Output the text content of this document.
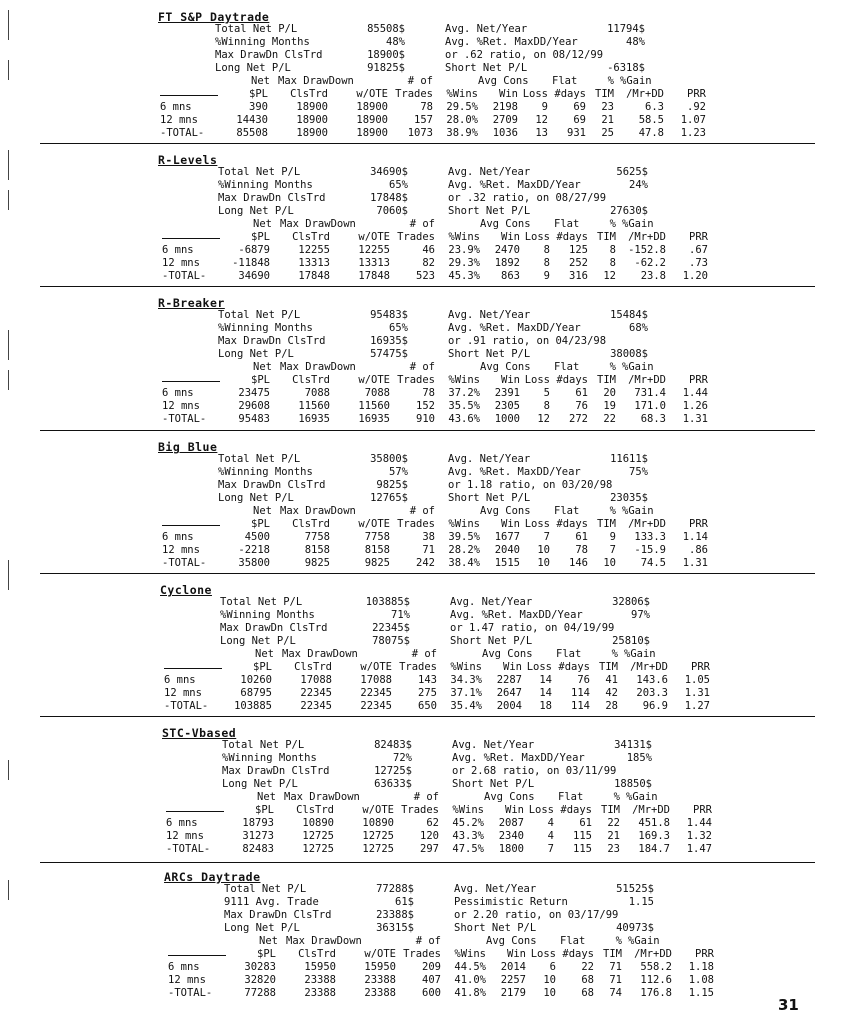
FT S&P Daytrade
Total Net P/L	85508$	Avg. Net/Year	11794$
%Winning Months	48%	Avg. %Ret. MaxDD/Year	48%
Max DrawDn ClsTrd	18900$	or .62 ratio, on 08/12/99
Long Net P/L	91825$	Short Net P/L	-6318$
Net Max DrawDown	# of	Avg Cons	Flat	% %Gain
$PL	ClsTrd	w/OTE Trades	%Wins	Win Loss #days TIM	/Mr+DD	PRR
6 mns	390	18900	18900	78	29.5%	2198	9	69	23	6.3	.92
12 mns	14430	18900	18900	157	28.0%	2709	12	69	21	58.5	1.07
-TOTAL-	85508	18900	18900	1073	38.9%	1036	13	931	25	47.8	1.23
R-Levels
Total Net P/L	34690$	Avg. Net/Year	5625$
%Winning Months	65%	Avg. %Ret. MaxDD/Year	24%
Max DrawDn ClsTrd	17848$	or .32 ratio, on 08/27/99
Long Net P/L	7060$	Short Net P/L	27630$
Net Max DrawDown	# of	Avg Cons	Flat	% %Gain
$PL	ClsTrd	w/OTE Trades	%Wins	Win Loss #days TIM	/Mr+DD	PRR
6 mns	-6879	12255	12255	46	23.9%	2470	8	125	8	-152.8	.67
12 mns	-11848	13313	13313	82	29.3%	1892	8	252	8	-62.2	.73
-TOTAL-	34690	17848	17848	523	45.3%	863	9	316	12	23.8	1.20
R-Breaker
Total Net P/L	95483$	Avg. Net/Year	15484$
%Winning Months	65%	Avg. %Ret. MaxDD/Year	68%
Max DrawDn ClsTrd	16935$	or .91 ratio, on 04/23/98
Long Net P/L	57475$	Short Net P/L	38008$
Net Max DrawDown	# of	Avg Cons	Flat	% %Gain
$PL	ClsTrd	w/OTE Trades	%Wins	Win Loss #days TIM	/Mr+DD	PRR
6 mns	23475	7088	7088	78	37.2%	2391	5	61	20	731.4	1.44
12 mns	29608	11560	11560	152	35.5%	2305	8	76	19	171.0	1.26
-TOTAL-	95483	16935	16935	910	43.6%	1000	12	272	22	68.3	1.31
Big Blue
Total Net P/L	35800$	Avg. Net/Year	11611$
%Winning Months	57%	Avg. %Ret. MaxDD/Year	75%
Max DrawDn ClsTrd	9825$	or 1.18 ratio, on 03/20/98
Long Net P/L	12765$	Short Net P/L	23035$
Net Max DrawDown	# of	Avg Cons	Flat	% %Gain
$PL	ClsTrd	w/OTE Trades	%Wins	Win Loss #days TIM	/Mr+DD	PRR
6 mns	4500	7758	7758	38	39.5%	1677	7	61	9	133.3	1.14
12 mns	-2218	8158	8158	71	28.2%	2040	10	78	7	-15.9	.86
-TOTAL-	35800	9825	9825	242	38.4%	1515	10	146	10	74.5	1.31
Cyclone
Total Net P/L	103885$	Avg. Net/Year	32806$
%Winning Months	71%	Avg. %Ret. MaxDD/Year	97%
Max DrawDn ClsTrd	22345$	or 1.47 ratio, on 04/19/99
Long Net P/L	78075$	Short Net P/L	25810$
Net Max DrawDown	# of	Avg Cons	Flat	% %Gain
$PL	ClsTrd	w/OTE Trades	%Wins	Win Loss #days TIM	/Mr+DD	PRR
6 mns	10260	17088	17088	143	34.3%	2287	14	76	41	143.6	1.05
12 mns	68795	22345	22345	275	37.1%	2647	14	114	42	203.3	1.31
-TOTAL-	103885	22345	22345	650	35.4%	2004	18	114	28	96.9	1.27
STC-Vbased
Total Net P/L	82483$	Avg. Net/Year	34131$
%Winning Months	72%	Avg. %Ret. MaxDD/Year	185%
Max DrawDn ClsTrd	12725$	or 2.68 ratio, on 03/11/99
Long Net P/L	63633$	Short Net P/L	18850$
Net Max DrawDown	# of	Avg Cons	Flat	% %Gain
$PL	ClsTrd	w/OTE Trades	%Wins	Win Loss #days TIM	/Mr+DD	PRR
6 mns	18793	10890	10890	62	45.2%	2087	4	61	22	451.8	1.44
12 mns	31273	12725	12725	120	43.3%	2340	4	115	21	169.3	1.32
-TOTAL-	82483	12725	12725	297	47.5%	1800	7	115	23	184.7	1.47
ARCs Daytrade
Total Net P/L	77288$	Avg. Net/Year	51525$
9111 Avg. Trade	61$	Pessimistic Return	1.15
Max DrawDn ClsTrd	23388$	or 2.20 ratio, on 03/17/99
Long Net P/L	36315$	Short Net P/L	40973$
Net Max DrawDown	# of	Avg Cons	Flat	% %Gain
$PL	ClsTrd	w/OTE Trades	%Wins	Win Loss #days TIM	/Mr+DD	PRR
6 mns	30283	15950	15950	209	44.5%	2014	6	22	71	558.2	1.18
12 mns	32820	23388	23388	407	41.0%	2257	10	68	71	112.6	1.08
-TOTAL-	77288	23388	23388	600	41.8%	2179	10	68	74	176.8	1.15
31
